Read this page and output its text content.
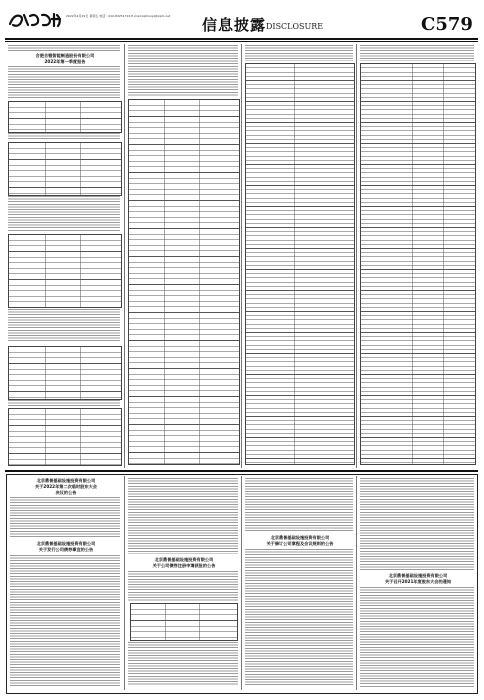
2022年4月29日 星期五 电话：010-83251716 E-mail:zqrbxxpl@zqrb.net 信息披露 DISCLOSURE	C579
合肥合锻智能制造股份有限公司
2022年第一季度报告
北京鼎普基础设施投资有限公司
关于2022年第二次临时股东大会
决议的公告
北京鼎普基础设施投资有限公司
关于发行公司债券事宜的公告
北京鼎普基础设施投资有限公司
关于公司债券注册申请获批的公告
北京鼎普基础设施投资有限公司
关于修订公司章程及会议规则的公告
北京鼎普基础设施投资有限公司
关于召开2021年度股东大会的通知
